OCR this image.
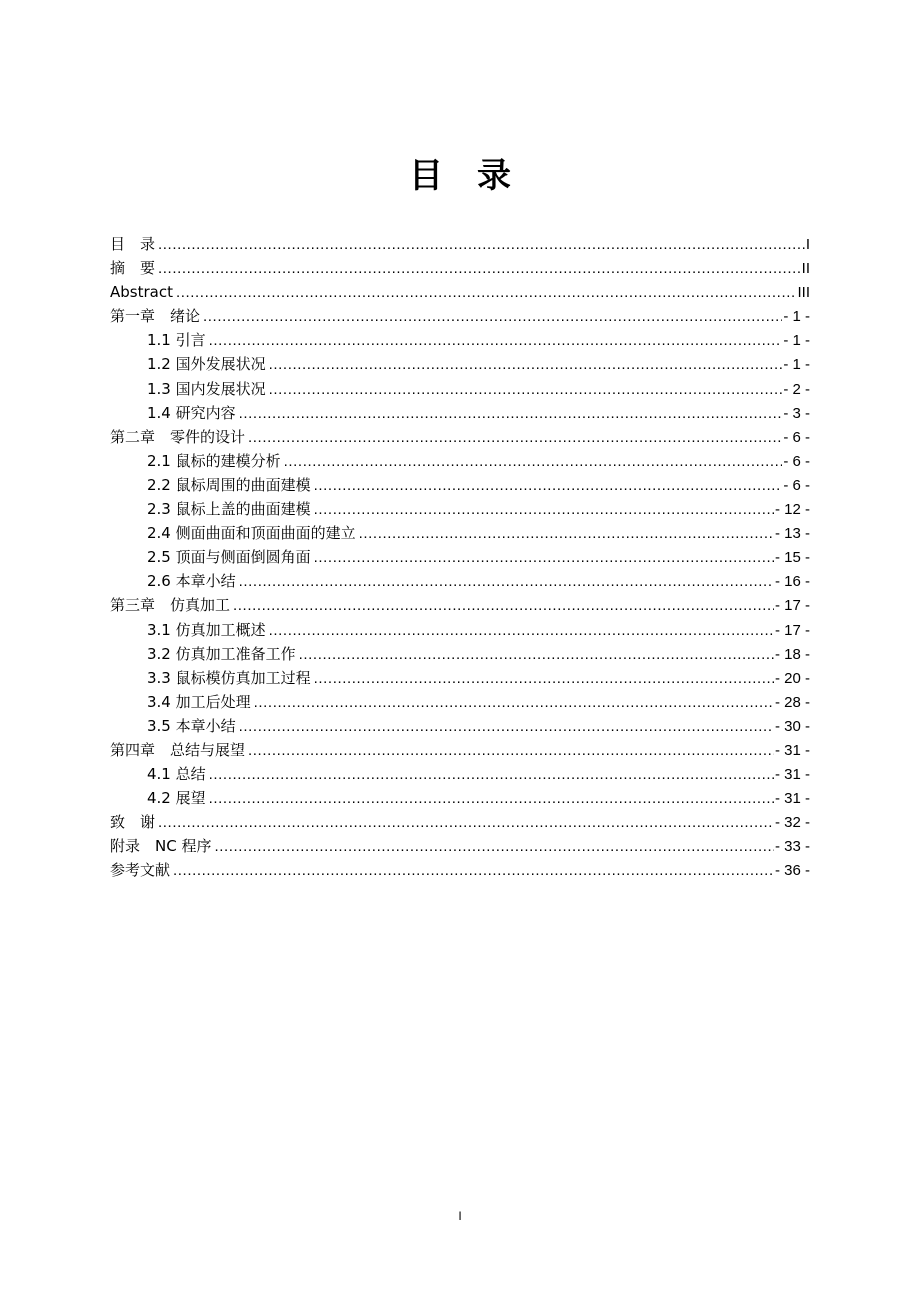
目录
目　录 .....	I
摘　要 .....	II
Abstract .....	III
第一章　绪论 .....	- 1 -
1.1 引言 .....	- 1 -
1.2 国外发展状况 .....	- 1 -
1.3 国内发展状况 .....	- 2 -
1.4 研究内容 .....	- 3 -
第二章　零件的设计 .....	- 6 -
2.1 鼠标的建模分析 .....	- 6 -
2.2 鼠标周围的曲面建模 .....	- 6 -
2.3 鼠标上盖的曲面建模 .....	- 12 -
2.4 侧面曲面和顶面曲面的建立 .....	- 13 -
2.5 顶面与侧面倒圆角面 .....	- 15 -
2.6 本章小结 .....	- 16 -
第三章　仿真加工 .....	- 17 -
3.1 仿真加工概述 .....	- 17 -
3.2 仿真加工准备工作 .....	- 18 -
3.3 鼠标模仿真加工过程 .....	- 20 -
3.4 加工后处理 .....	- 28 -
3.5 本章小结 .....	- 30 -
第四章　总结与展望 .....	- 31 -
4.1 总结 .....	- 31 -
4.2 展望 .....	- 31 -
致　谢 .....	- 32 -
附录　NC 程序 .....	- 33 -
参考文献 .....	- 36 -
I
